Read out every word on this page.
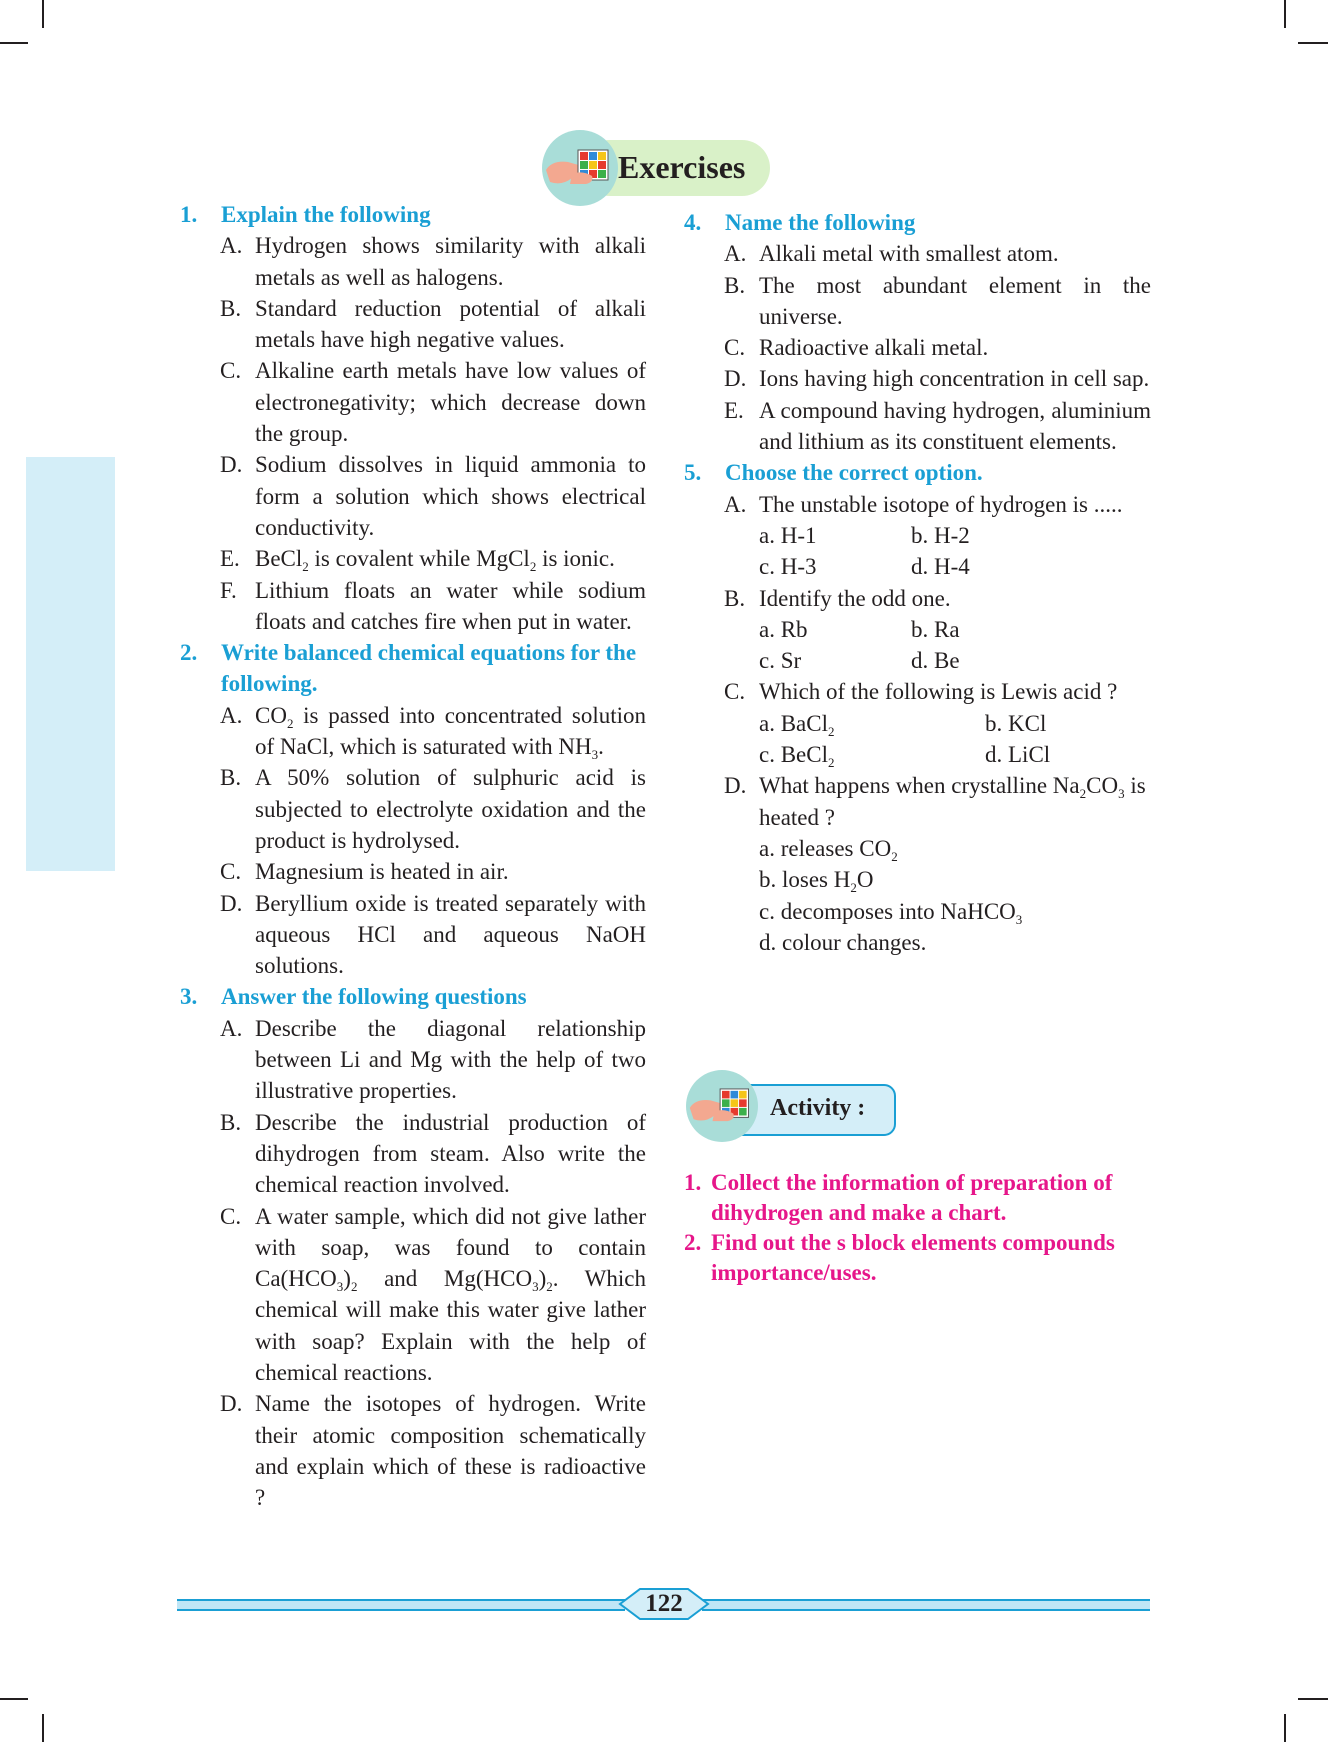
Exercises
1. Explain the following
A. Hydrogen shows similarity with alkali metals as well as halogens.
B. Standard reduction potential of alkali metals have high negative values.
C. Alkaline earth metals have low values of electronegativity; which decrease down the group.
D. Sodium dissolves in liquid ammonia to form a solution which shows electrical conductivity.
E. BeCl$_2$ is covalent while MgCl$_2$ is ionic.
F. Lithium floats an water while sodium floats and catches fire when put in water.
2. Write balanced chemical equations for the following.
A. $CO_2$ is passed into concentrated solution of NaCl, which is saturated with $NH_3$.
B. A 50% solution of sulphuric acid is subjected to electrolyte oxidation and the product is hydrolysed.
C. Magnesium is heated in air.
D. Beryllium oxide is treated separately with aqueous HCl and aqueous NaOH solutions.
3. Answer the following questions
A. Describe the diagonal relationship between Li and Mg with the help of two illustrative properties.
B. Describe the industrial production of dihydrogen from steam. Also write the chemical reaction involved.
C. A water sample, which did not give lather with soap, was found to contain $Ca(HCO_3)_2$ and $Mg(HCO_3)_2$. Which chemical will make this water give lather with soap? Explain with the help of chemical reactions.
D. Name the isotopes of hydrogen. Write their atomic composition schematically and explain which of these is radioactive ?
4. Name the following
A. Alkali metal with smallest atom.
B. The most abundant element in the universe.
C. Radioactive alkali metal.
D. Ions having high concentration in cell sap.
E. A compound having hydrogen, aluminium and lithium as its constituent elements.
5. Choose the correct option.
A. The unstable isotope of hydrogen is .....
a. H-1	b. H-2
c. H-3	d. H-4
B. Identify the odd one.
a. Rb	b. Ra
c. Sr	d. Be
C. Which of the following is Lewis acid ?
a. BaCl$_2$	b. KCl
c. BeCl$_2$	d. LiCl
D. What happens when crystalline $Na_2CO_3$ is heated ?
a. releases $CO_2$
b. loses $H_2O$
c. decomposes into NaHCO$_3$
d. colour changes.
Activity :
1. Collect the information of preparation of dihydrogen and make a chart.
2. Find out the s block elements compounds importance/uses.
122
